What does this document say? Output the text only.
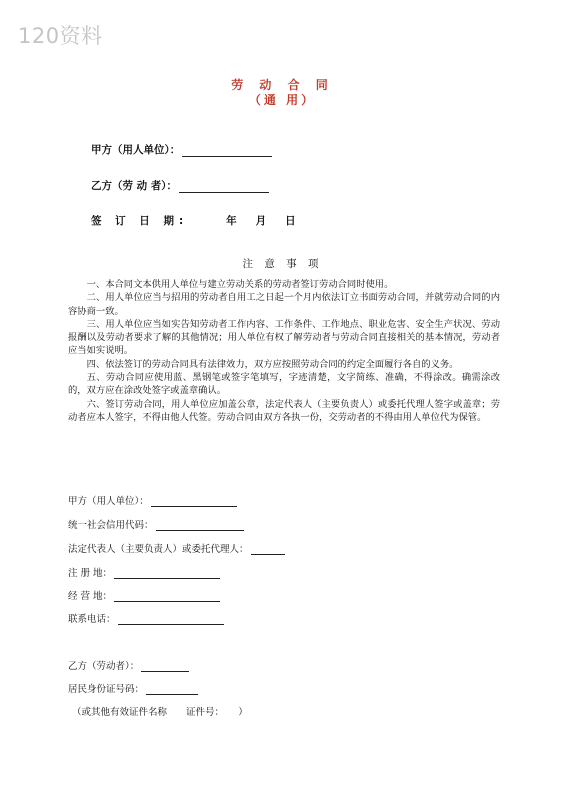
120资料
劳 动 合 同
（通 用）
甲方（用人单位）：
乙方（劳 动 者）：
签 订 日 期:	年 月 日
注 意 事 项

一、本合同文本供用人单位与建立劳动关系的劳动者签订劳动合同时使用。

二、用人单位应当与招用的劳动者自用工之日起一个月内依法订立书面劳动合同，并就劳动合同的内容协商一致。

三、用人单位应当如实告知劳动者工作内容、工作条件、工作地点、职业危害、安全生产状况、劳动报酬以及劳动者要求了解的其他情况；用人单位有权了解劳动者与劳动合同直接相关的基本情况，劳动者应当如实说明。

四、依法签订的劳动合同具有法律效力，双方应按照劳动合同的约定全面履行各自的义务。

五、劳动合同应使用蓝、黑钢笔或签字笔填写，字迹清楚，文字简练、准确，不得涂改。确需涂改的，双方应在涂改处签字或盖章确认。

六、签订劳动合同，用人单位应加盖公章，法定代表人（主要负责人）或委托代理人签字或盖章；劳动者应本人签字，不得由他人代签。劳动合同由双方各执一份，交劳动者的不得由用人单位代为保管。

甲方（用人单位）：
统一社会信用代码：
法定代表人（主要负责人）或委托代理人：
注 册 地：
经 营 地：
联系电话：
乙方（劳动者）：
居民身份证号码：
（或其他有效证件名称　　证件号：　　）
